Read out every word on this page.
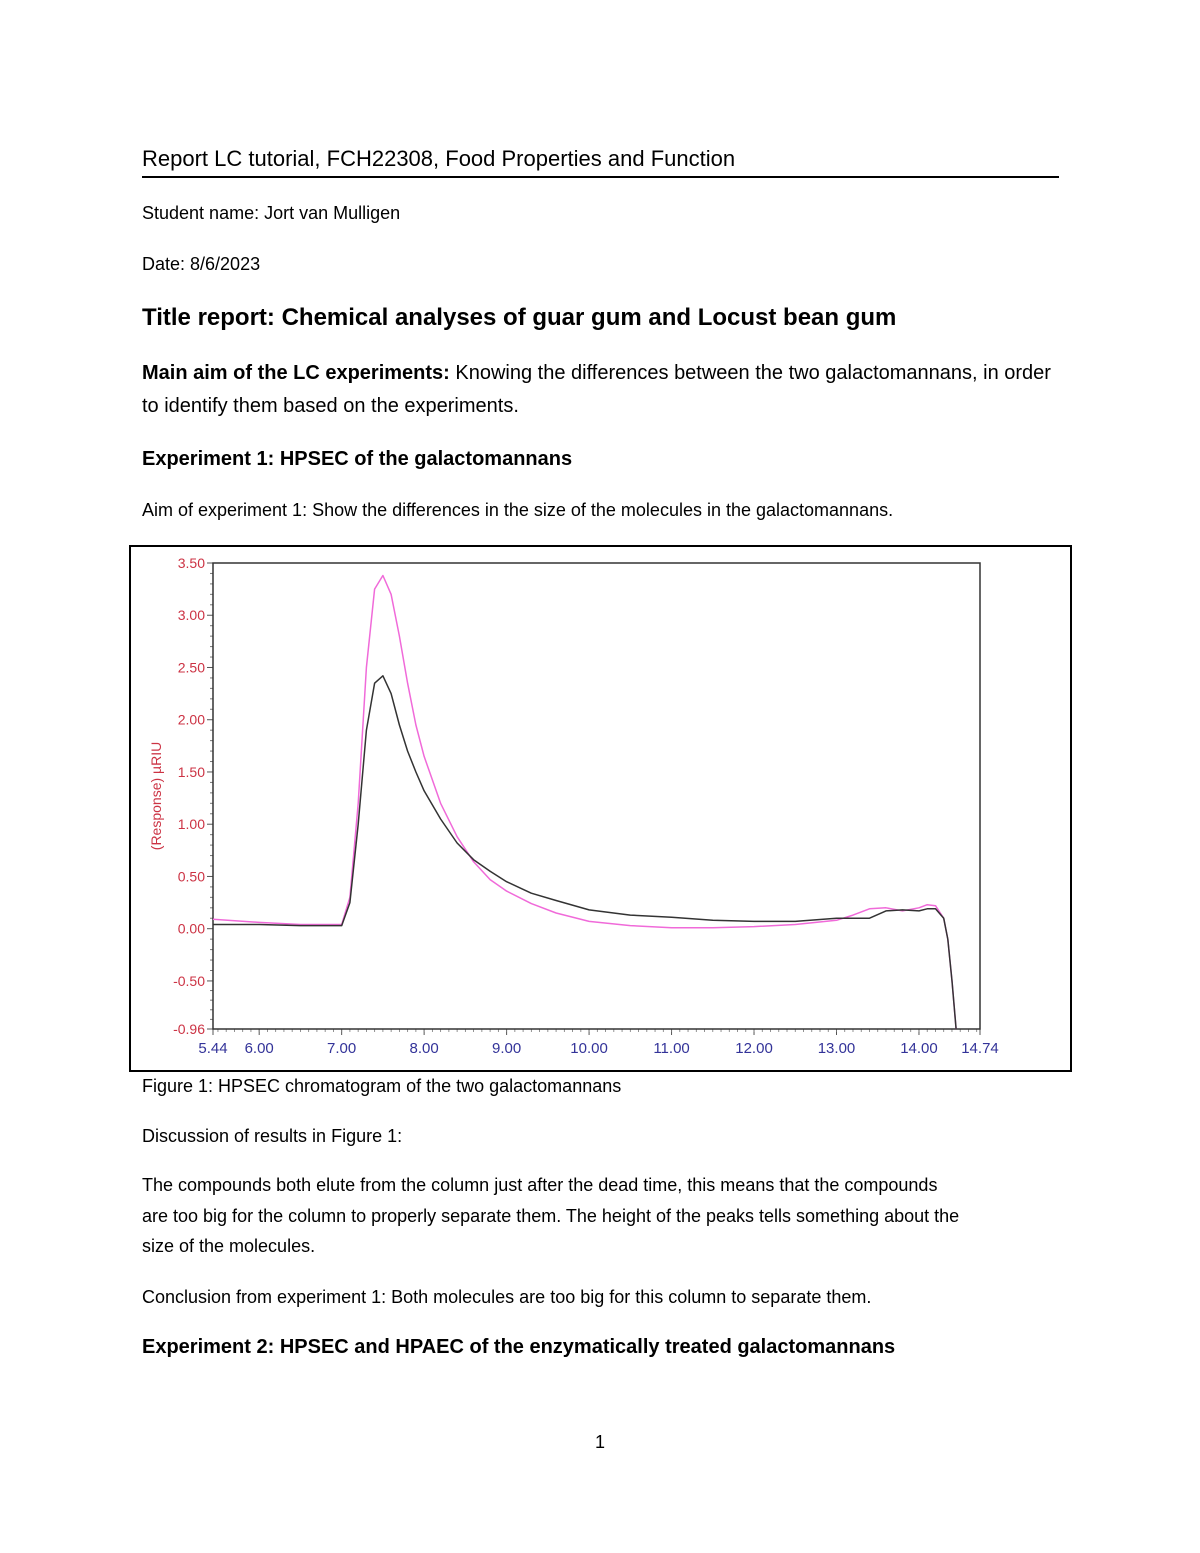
Report LC tutorial, FCH22308, Food Properties and Function
Student name: Jort van Mulligen
Date: 8/6/2023
Title report: Chemical analyses of guar gum and Locust bean gum
Main aim of the LC experiments: Knowing the differences between the two galactomannans, in order to identify them based on the experiments.
Experiment 1: HPSEC of the galactomannans
Aim of experiment 1: Show the differences in the size of the molecules in the galactomannans.
3.50
3.00
2.50
2.00
1.50
1.00
0.50
0.00
-0.50
-0.96
5.44 6.00	7.00	8.00	9.00	10.00	11.00	12.00	13.00	14.00 14.74
(Response) µRIU
Figure 1: HPSEC chromatogram of the two galactomannans
Discussion of results in Figure 1:
The compounds both elute from the column just after the dead time, this means that the compounds
are too big for the column to properly separate them. The height of the peaks tells something about the
size of the molecules.
Conclusion from experiment 1: Both molecules are too big for this column to separate them.
Experiment 2: HPSEC and HPAEC of the enzymatically treated galactomannans
1
